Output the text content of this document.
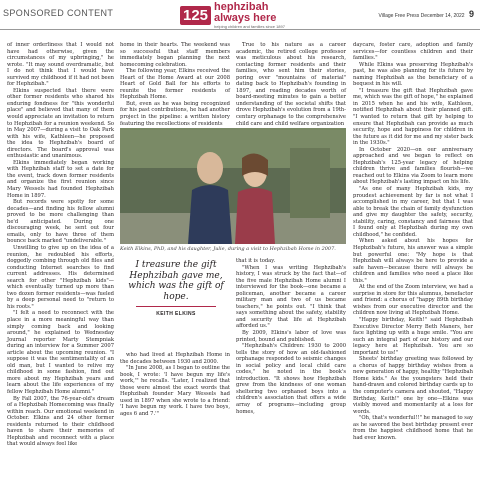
SPONSORED CONTENT	125 hephzibah always here
helping children and families since 1897
Village Free Press December 14, 2022 9

of inner orderliness that I would not have had otherwise, given the circumstances of my upbringing," he wrote. "It may sound overdramatic, but I do not think that I would have survived my childhood if it had not been for Hephzibah."

Elkins suspected that there were other former residents who shared his enduring fondness for "this wonderful place" and believed that many of them would appreciate an invitation to return to Hephzibah for a reunion weekend. So in May 2007—during a visit to Oak Park with his wife, Kathleen—he proposed the idea to Hephzibah's board of directors. The board's approval was enthusiastic and unanimous.

Elkins immediately began working with Hephzibah staff to set a date for the event, track down former residents and organize the first reunion since Mary Wessels had founded Hephzibah Home in 1897.

But records were spotty for some decades—and finding his fellow alumni proved to be more challenging than he'd anticipated. During one discouraging week, he sent out four emails, only to have three of them bounce back marked "undeliverable."

Unwilling to give up on the idea of a reunion, he redoubled his efforts, doggedly combing through old files and conducting Internet searches to find current addresses. His determined search for other "Hephzibah kids"—which eventually turned up more than two dozen former residents—was fueled by a deep personal need to "return to his roots."

"I felt a need to reconnect with the place in a more meaningful way than simply coming back and looking around," he explained to Wednesday Journal reporter Marty Stempniak during an interview for a Summer 2007 article about the upcoming reunion. "I suppose it was the sentimentality of an old man, but I wanted to relive my childhood in some fashion, find out more about my Hephzibah years and learn about the life experiences of my fellow Hephzibah Home alumni."

By Fall 2007, the 76-year-old's dream of a Hephzibah Homecoming was finally within reach. Our emotional weekend in October. Elkins and 24 other former residents returned to their childhood haven to share their memories of Hephzibah and reconnect with a place that would always feel like

home in their hearts. The weekend was so successful that staff members immediately began planning the next homecoming celebration.

The following year, Elkins received the Heart of the Home Award at our 2008 Heart of Gold Ball for his efforts to reunite the former residents of Hephzibah Home.

But, even as he was being recognized for his past contributions, he had another project in the pipeline: a written history featuring the recollections of residents

True to his nature as a career academic, the retired college professor was meticulous about his research, contacting former residents and their families, who sent him their stories, poring over "mountains of material" dating back to Hephzibah's founding in 1897, and reading decades worth of board-meeting minutes to gain a better understanding of the societal shifts that drove Hephzibah's evolution from a 19th-century orphanage to the comprehensive child care and child welfare organization

Keith Elkins, PhD, and his daughter, Julie, during a visit to Hephzibah Home in 2007.
I treasure the gift Hephzibah gave me, which was the gift of hope.
KEITH ELKINS

who had lived at Hephzibah Home in the decades between 1930 and 2000.

"In June 2008, as I began to outline the book, I wrote: 'I have begun my life's work,'" he recalls. "Later, I realized that those were almost the exact words that Hephzibah founder Mary Wessels had used in 1897 when she wrote to a friend: 'I have begun my work. I have two boys, ages 6 and 7.'"

that it is today.

"When I was writing Hephzibah's history, I was struck by the fact that—of the five male Hephzibah Home alumni I interviewed for the book—one became a policeman, another became a career military man and two of us became teachers," he points out. "I think that says something about the safety, stability and security that life at Hephzibah afforded us."

By 2009, Elkins's labor of love was printed, bound and published.

"Hephzibah's Children: 1930 to 2000 tells the story of how an old-fashioned orphanage responded to seismic changes in social policy and local child care codes," he noted in the book's introduction. "It shows how Hephzibah grew from the kindness of one woman sheltering two orphaned boys into a children's association that offers a wide array of programs—including group homes,

daycare, foster care, adoption and family services—for countless children and their families."

While Elkins was preserving Hephzibah's past, he was also planning for its future by naming Hephzibah as the beneficiary of a bequest in his will.

"I treasure the gift that Hephzibah gave me, which was the gift of hope," he explained in 2015 when he and his wife, Kathleen, notified Hephzibah about their planned gift. "I wanted to return that gift by helping to ensure that Hephzibah can provide as much security, hope and happiness for children in the future as it did for me and my sister back in the 1930s."

In October 2020—on our anniversary approached and we began to reflect on Hephzibah's 125-year legacy of helping children thrive and families flourish—we reached out to Elkins via Zoom to learn more about Hephzibah's lasting impact on his life.

"As one of many Hephzibah kids, my proudest achievement by far is not what I accomplished in my career, but that I was able to break the chain of family dysfunction and give my daughter the safety, security, stability, caring, constancy and fairness that I found only at Hephzibah during my own childhood," he confided.

When asked about his hopes for Hephzibah's future, his answer was a simple but powerful one: "My hope is that Hephzibah will always be here to provide a safe haven—because there will always be children and families who need a place like this."

At the end of the Zoom interview, we had a surprise in store for this alumnus, benefactor and friend: a chorus of "happy 89th birthday wishes from our executive director and the children now living at Hephzibah Home.

"Happy birthday, Keith!" said Hephzibah Executive Director Merry Beth Maners, her face lighting up with a huge smile. "You are such an integral part of our history and our legacy here at Hephzibah. You are so important to us!"

Sheets' birthday greeting was followed by a chorus of happy birthday wishes from a new generation of happy, healthy "Hephzibah Home kids." As the youngsters held their hand-drawn and colored birthday cards up to the computer's camera and shouted, "Happy Birthday, Keith!" one by one—Elkins was visibly moved and momentarily at a loss for words.

"Oh, that's wonderful!!" he managed to say as he savored the best birthday present ever from the happiest childhood home that he had ever known.
